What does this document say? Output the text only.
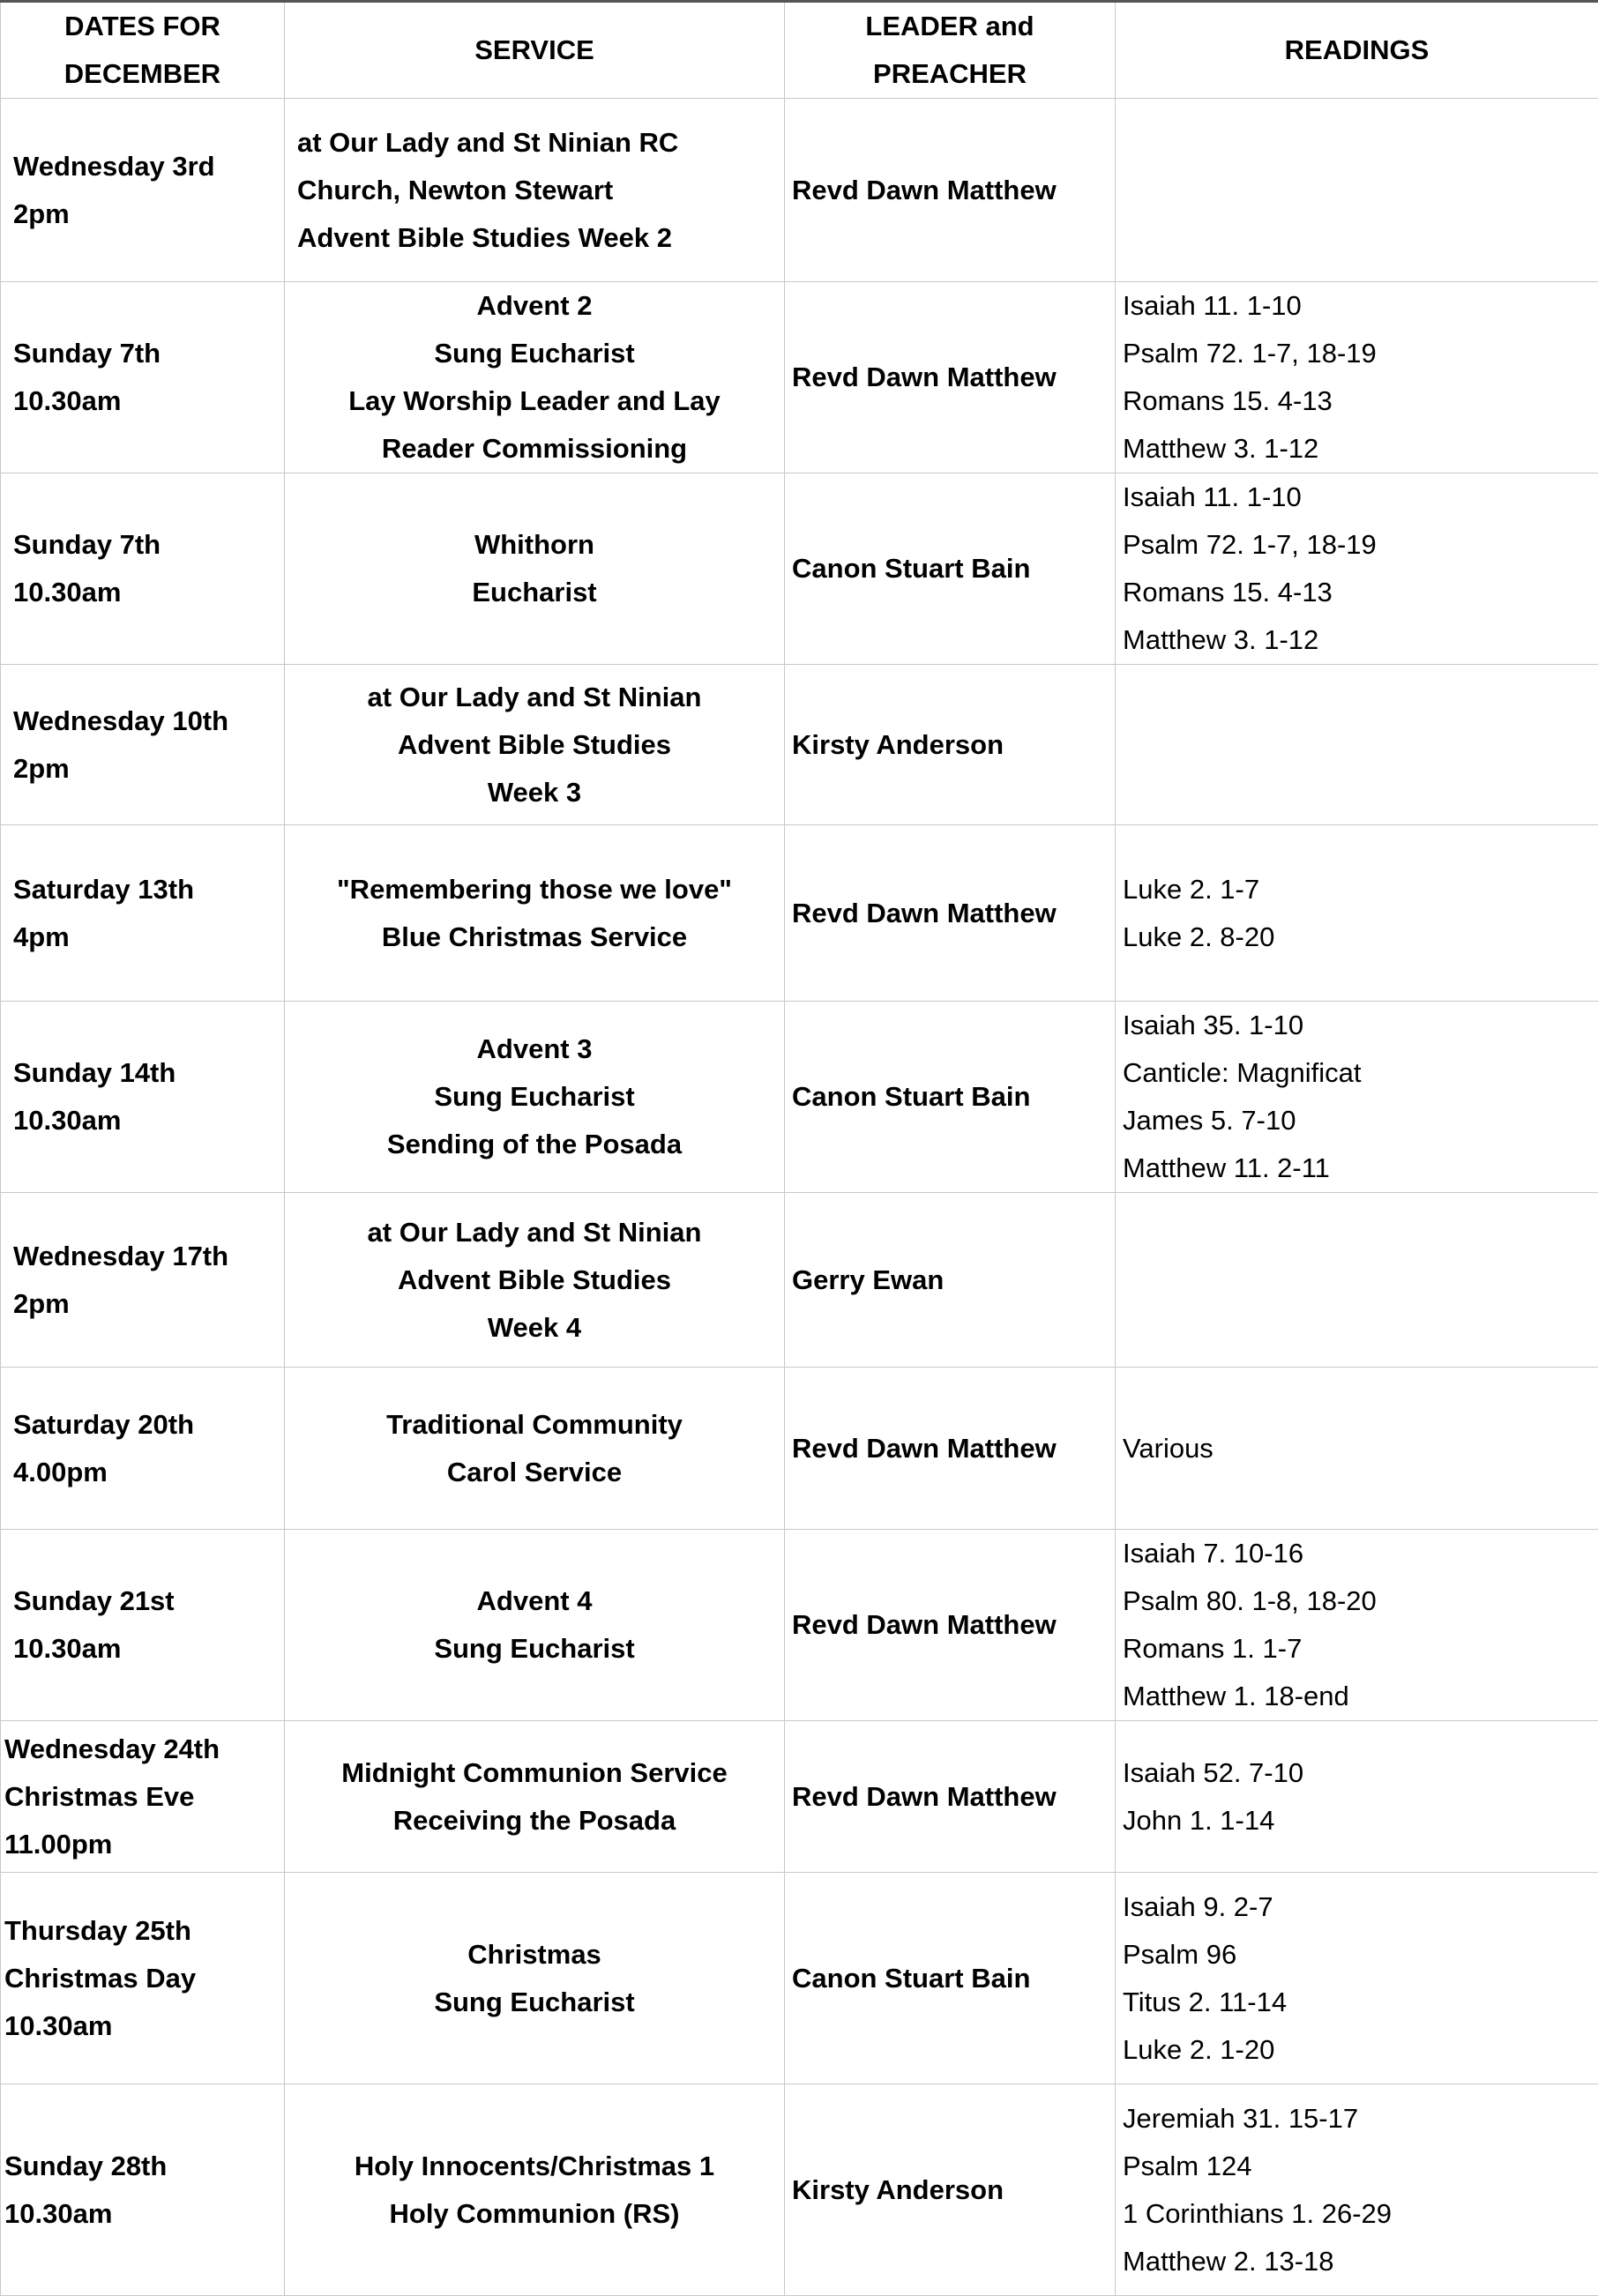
DATES FOR
DECEMBER	SERVICE	LEADER and
PREACHER	READINGS

Wednesday 3rd
2pm	at Our Lady and St Ninian RC
Church, Newton Stewart
Advent Bible Studies Week 2	Revd Dawn Matthew	

Sunday 7th
10.30am	Advent 2
Sung Eucharist
Lay Worship Leader and Lay
Reader Commissioning	Revd Dawn Matthew	Isaiah 11. 1-10
Psalm 72. 1-7, 18-19
Romans 15. 4-13
Matthew 3. 1-12

Sunday 7th
10.30am	Whithorn
Eucharist	Canon Stuart Bain	Isaiah 11. 1-10
Psalm 72. 1-7, 18-19
Romans 15. 4-13
Matthew 3. 1-12

Wednesday 10th
2pm	at Our Lady and St Ninian
Advent Bible Studies
Week 3	Kirsty Anderson	

Saturday 13th
4pm	"Remembering those we love"
Blue Christmas Service	Revd Dawn Matthew	Luke 2. 1-7
Luke 2. 8-20

Sunday 14th
10.30am	Advent 3
Sung Eucharist
Sending of the Posada	Canon Stuart Bain	Isaiah 35. 1-10
Canticle: Magnificat
James 5. 7-10
Matthew 11. 2-11

Wednesday 17th
2pm	at Our Lady and St Ninian
Advent Bible Studies
Week 4	Gerry Ewan	

Saturday 20th
4.00pm	Traditional Community
Carol Service	Revd Dawn Matthew	Various

Sunday 21st
10.30am	Advent 4
Sung Eucharist	Revd Dawn Matthew	Isaiah 7. 10-16
Psalm 80. 1-8, 18-20
Romans 1. 1-7
Matthew 1. 18-end

Wednesday 24th
Christmas Eve
11.00pm	Midnight Communion Service
Receiving the Posada	Revd Dawn Matthew	Isaiah 52. 7-10
John 1. 1-14

Thursday 25th
Christmas Day
10.30am	Christmas
Sung Eucharist	Canon Stuart Bain	Isaiah 9. 2-7
Psalm 96
Titus 2. 11-14
Luke 2. 1-20

Sunday 28th
10.30am	Holy Innocents/Christmas 1
Holy Communion (RS)	Kirsty Anderson	Jeremiah 31. 15-17
Psalm 124
1 Corinthians 1. 26-29
Matthew 2. 13-18
